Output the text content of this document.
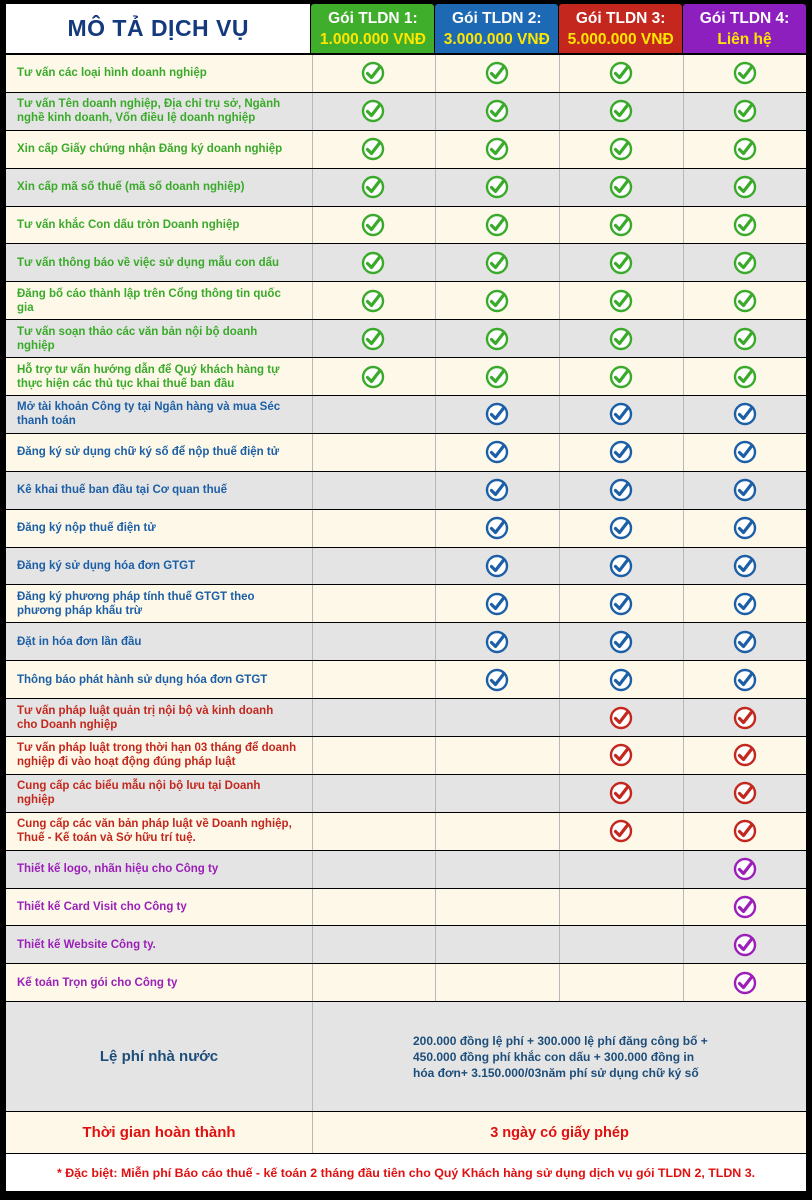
MÔ TẢ DỊCH VỤ	Gói TLDN 1:
1.000.000 VNĐ
Gói TLDN 2:
3.000.000 VNĐ
Gói TLDN 3:
5.000.000 VNĐ
Gói TLDN 4:
Liên hệ
Tư vấn các loại hình doanh nghiệp
Tư vấn Tên doanh nghiệp, Địa chỉ trụ sở, Ngành nghề kinh doanh, Vốn điều lệ doanh nghiệp
Xin cấp Giấy chứng nhận Đăng ký doanh nghiệp
Xin cấp mã số thuế (mã số doanh nghiệp)
Tư vấn khắc Con dấu tròn Doanh nghiệp
Tư vấn thông báo về việc sử dụng mẫu con dấu
Đăng bố cáo thành lập trên Cổng thông tin quốc gia
Tư vấn soạn thảo các văn bản nội bộ doanh nghiệp
Hỗ trợ tư vấn hướng dẫn để Quý khách hàng tự thực hiện các thủ tục khai thuế ban đầu
Mở tài khoản Công ty tại Ngân hàng và mua Séc thanh toán
Đăng ký sử dụng chữ ký số để nộp thuế điện tử
Kê khai thuế ban đầu tại Cơ quan thuế
Đăng ký nộp thuế điện tử
Đăng ký sử dụng hóa đơn GTGT
Đăng ký phương pháp tính thuế GTGT theo phương pháp khấu trừ
Đặt in hóa đơn lần đầu
Thông báo phát hành sử dụng hóa đơn GTGT
Tư vấn pháp luật quản trị nội bộ và kinh doanh cho Doanh nghiệp
Tư vấn pháp luật trong thời hạn 03 tháng để doanh nghiệp đi vào hoạt động đúng pháp luật
Cung cấp các biểu mẫu nội bộ lưu tại Doanh nghiệp
Cung cấp các văn bản pháp luật về Doanh nghiệp, Thuế - Kế toán và Sở hữu trí tuệ.
Thiết kế logo, nhãn hiệu cho Công ty
Thiết kế Card Visit cho Công ty
Thiết kế Website Công ty.
Kế toán Trọn gói cho Công ty
Lệ phí nhà nước
200.000 đồng lệ phí + 300.000 lệ phí đăng công bố + 450.000 đồng phí khắc con dấu + 300.000 đồng in hóa đơn+ 3.150.000/03năm phí sử dụng chữ ký số
Thời gian hoàn thành	3 ngày có giấy phép
* Đặc biệt: Miễn phí Báo cáo thuế - kế toán 2 tháng đầu tiên cho Quý Khách hàng sử dụng dịch vụ gói TLDN 2, TLDN 3.
